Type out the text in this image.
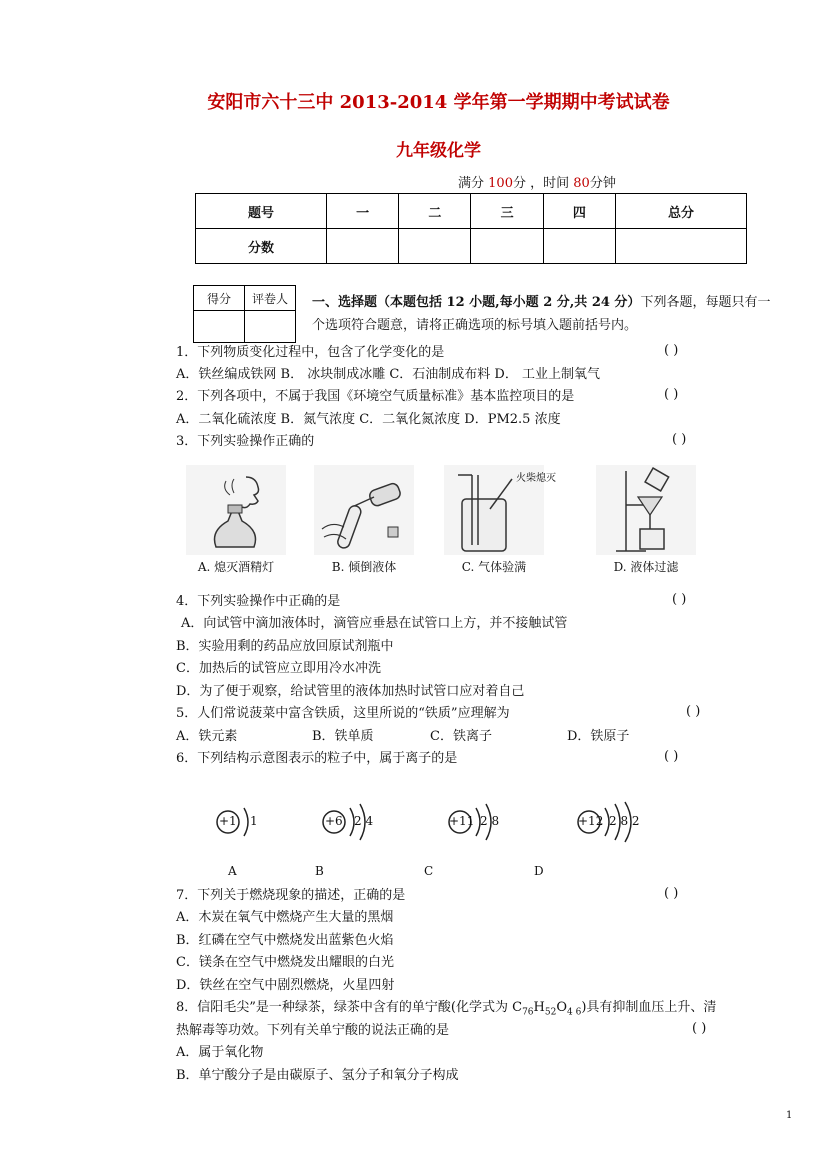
安阳市六十三中 2013-2014 学年第一学期期中考试试卷
九年级化学
满分 100分 ，时间 80分钟
题号	一	二	三	四	总分
分数					
得分	评卷人
	一、选择题（本题包括 12 小题,每小题 2 分,共 24 分）下列各题，每题只有一个选项符合题意，请将正确选项的标号填入题前括号内。
1．下列物质变化过程中，包含了化学变化的是	( )
A．铁丝编成铁网 B． 冰块制成冰雕 C．石油制成布料 D． 工业上制氧气
2．下列各项中，不属于我国《环境空气质量标准》基本监控项目的是	( )
A．二氧化硫浓度 B．氮气浓度 C．二氧化氮浓度 D．PM2.5 浓度
3．下列实验操作正确的	( )
A. 熄灭酒精灯	B. 倾倒液体
火柴熄灭
C. 气体验满	D. 液体过滤
4．下列实验操作中正确的是	( )
A．向试管中滴加液体时，滴管应垂悬在试管口上方，并不接触试管
B．实验用剩的药品应放回原试剂瓶中
C．加热后的试管应立即用冷水冲洗
D．为了便于观察，给试管里的液体加热时试管口应对着自己
5．人们常说菠菜中富含铁质，这里所说的“铁质”应理解为	( )
A．铁元素	B．铁单质	C．铁离子	D．铁原子
6．下列结构示意图表示的粒子中，属于离子的是	( )
+1 1	+6 2 4	+11 2 8	+12 2 8 2
A	B	C	D
7．下列关于燃烧现象的描述，正确的是	( )
A．木炭在氧气中燃烧产生大量的黑烟
B．红磷在空气中燃烧发出蓝紫色火焰
C．镁条在空气中燃烧发出耀眼的白光
D．铁丝在空气中剧烈燃烧，火星四射
8．信阳毛尖”是一种绿茶，绿茶中含有的单宁酸(化学式为 $C_{76}H_{52}O_{4 6}$)具有抑制血压上升、清
热解毒等功效。下列有关单宁酸的说法正确的是	( )
A．属于氧化物
B．单宁酸分子是由碳原子、氢分子和氧分子构成
1
